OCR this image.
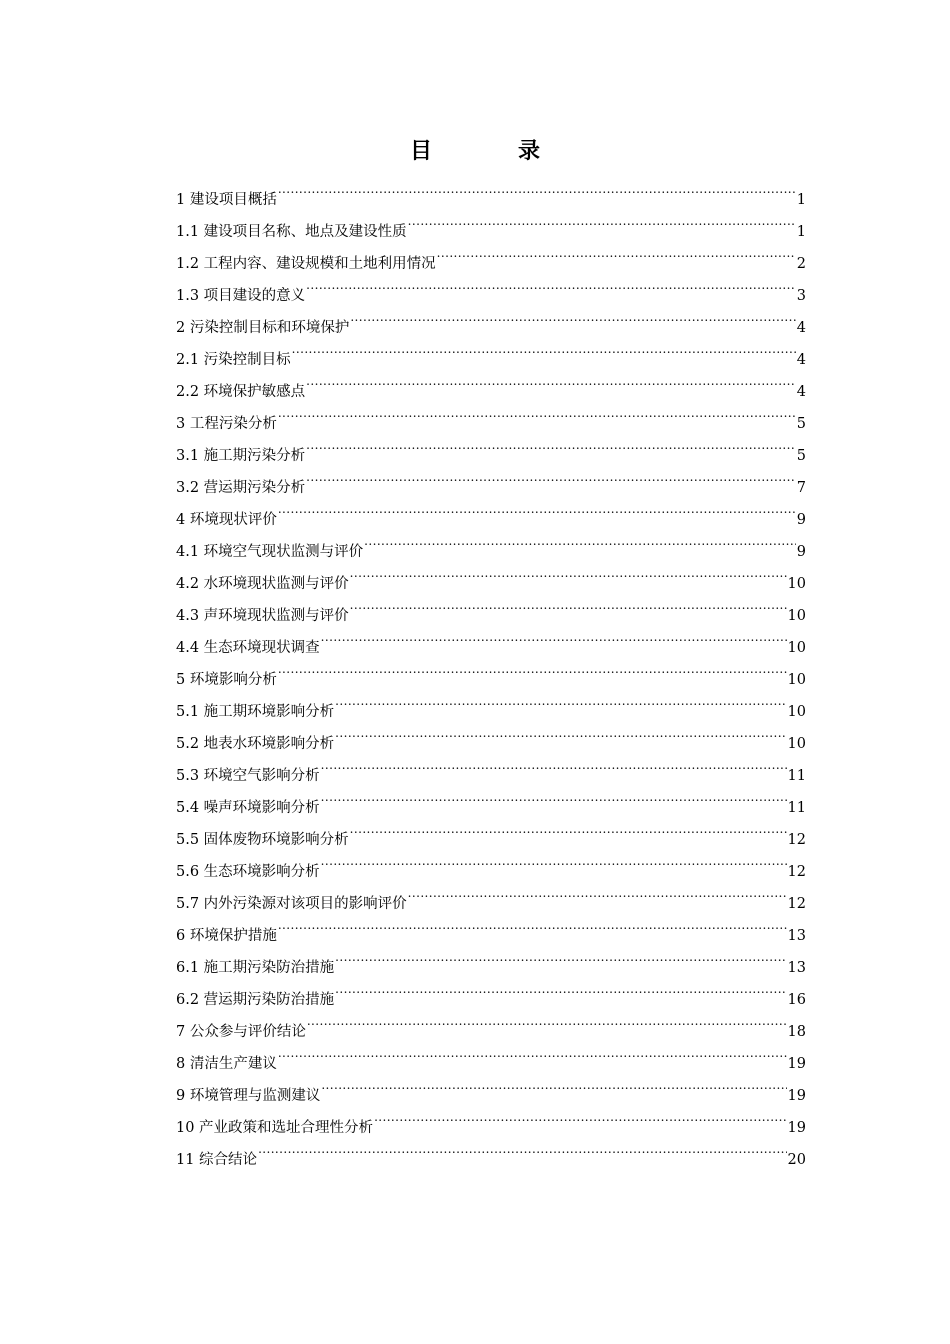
目　录
1 建设项目概括 .....	1
1.1 建设项目名称、地点及建设性质 .....	1
1.2 工程内容、建设规模和土地利用情况 .....	2
1.3 项目建设的意义 .....	3
2 污染控制目标和环境保护 .....	4
2.1 污染控制目标 .....	4
2.2 环境保护敏感点 .....	4
3 工程污染分析 .....	5
3.1 施工期污染分析 .....	5
3.2 营运期污染分析 .....	7
4 环境现状评价 .....	9
4.1 环境空气现状监测与评价 .....	9
4.2 水环境现状监测与评价 .....	10
4.3 声环境现状监测与评价 .....	10
4.4 生态环境现状调查 .....	10
5 环境影响分析 .....	10
5.1 施工期环境影响分析 .....	10
5.2 地表水环境影响分析 .....	10
5.3 环境空气影响分析 .....	11
5.4 噪声环境影响分析 .....	11
5.5 固体废物环境影响分析 .....	12
5.6 生态环境影响分析 .....	12
5.7 内外污染源对该项目的影响评价 .....	12
6 环境保护措施 .....	13
6.1 施工期污染防治措施 .....	13
6.2 营运期污染防治措施 .....	16
7 公众参与评价结论 .....	18
8 清洁生产建议 .....	19
9 环境管理与监测建议 .....	19
10 产业政策和选址合理性分析 .....	19
11 综合结论 .....	20
